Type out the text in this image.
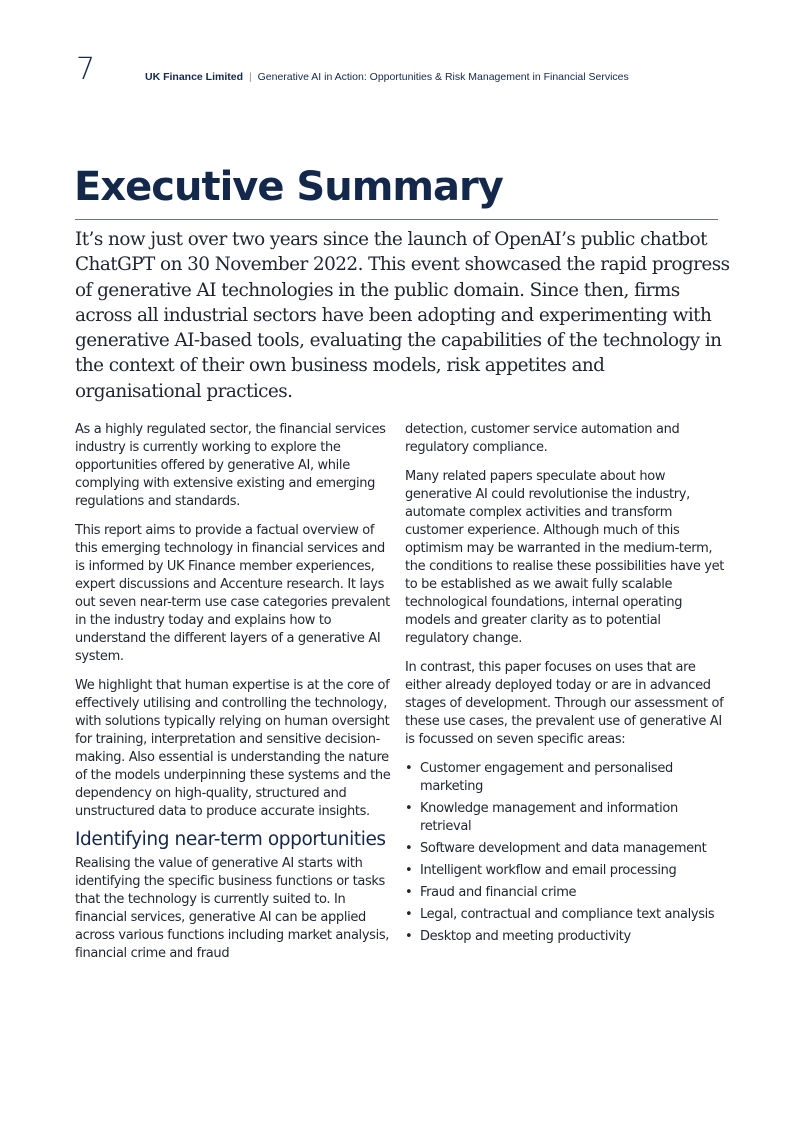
7	UK Finance Limited | Generative AI in Action: Opportunities & Risk Management in Financial Services
Executive Summary

It’s now just over two years since the launch of OpenAI’s public chatbot ChatGPT on 30 November 2022. This event showcased the rapid progress of generative AI technologies in the public domain. Since then, firms across all industrial sectors have been adopting and experimenting with generative AI-based tools, evaluating the capabilities of the technology in the context of their own business models, risk appetites and organisational practices.

As a highly regulated sector, the financial services industry is currently working to explore the opportunities offered by generative AI, while complying with extensive existing and emerging regulations and standards.

This report aims to provide a factual overview of this emerging technology in financial services and is informed by UK Finance member experiences, expert discussions and Accenture research. It lays out seven near-term use case categories prevalent in the industry today and explains how to understand the different layers of a generative AI system.

We highlight that human expertise is at the core of effectively utilising and controlling the technology, with solutions typically relying on human oversight for training, interpretation and sensitive decision-making. Also essential is understanding the nature of the models underpinning these systems and the dependency on high-quality, structured and unstructured data to produce accurate insights.

Identifying near-term opportunities

Realising the value of generative AI starts with identifying the specific business functions or tasks that the technology is currently suited to. In financial services, generative AI can be applied across various functions including market analysis, financial crime and fraud

detection, customer service automation and regulatory compliance.

Many related papers speculate about how generative AI could revolutionise the industry, automate complex activities and transform customer experience. Although much of this optimism may be warranted in the medium-term, the conditions to realise these possibilities have yet to be established as we await fully scalable technological foundations, internal operating models and greater clarity as to potential regulatory change.

In contrast, this paper focuses on uses that are either already deployed today or are in advanced stages of development. Through our assessment of these use cases, the prevalent use of generative AI is focussed on seven specific areas:

• Customer engagement and personalised marketing
• Knowledge management and information retrieval
• Software development and data management
• Intelligent workflow and email processing
• Fraud and financial crime
• Legal, contractual and compliance text analysis
• Desktop and meeting productivity
